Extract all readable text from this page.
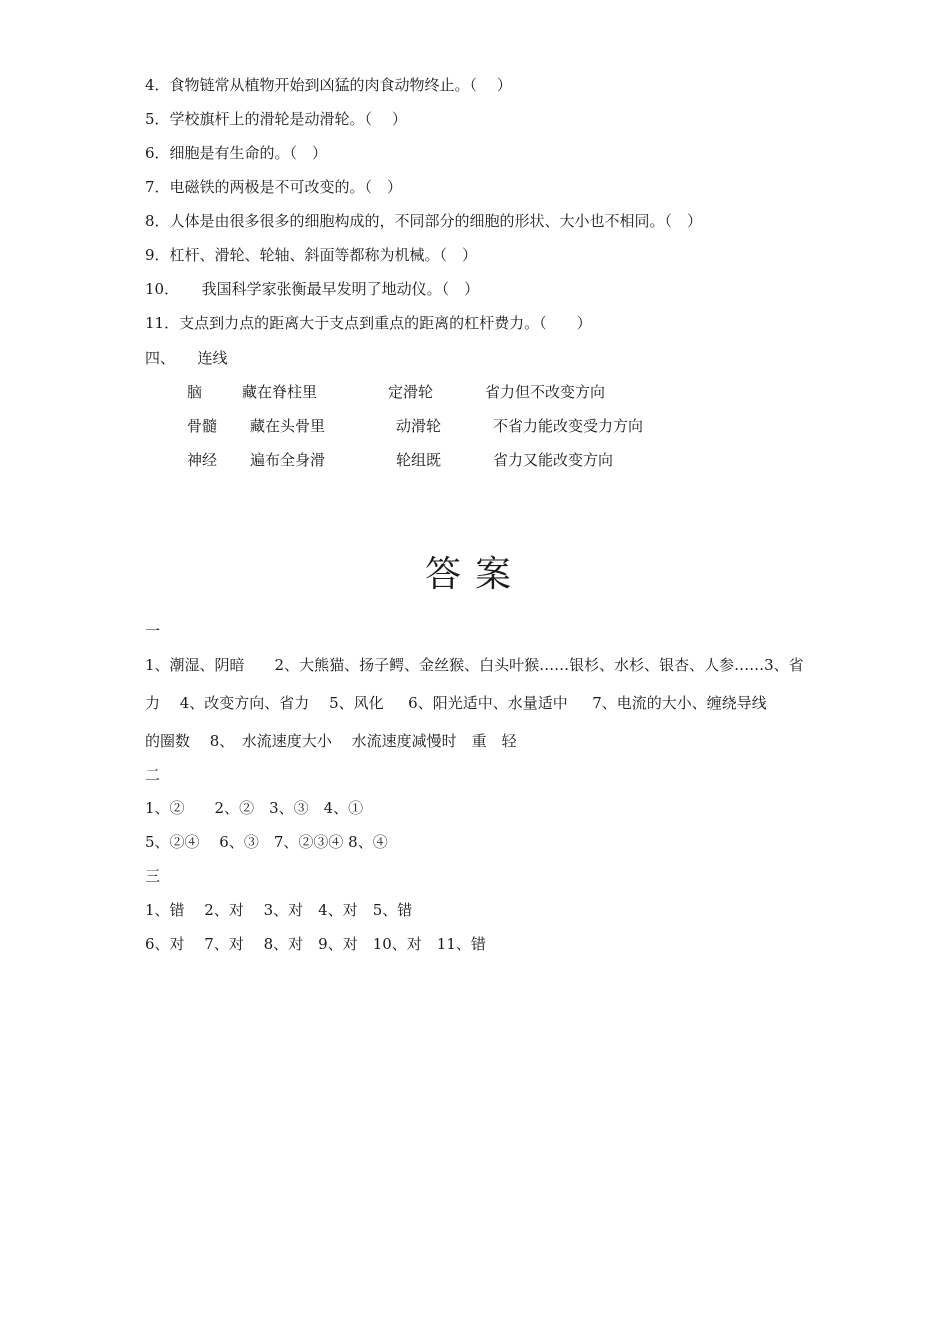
4．食物链常从植物开始到凶猛的肉食动物终止。（　 ）
5．学校旗杆上的滑轮是动滑轮。（　 ）
6．细胞是有生命的。（　）
7．电磁铁的两极是不可改变的。（　）
8．人体是由很多很多的细胞构成的，不同部分的细胞的形状、大小也不相同。（　）
9．杠杆、滑轮、轮轴、斜面等都称为机械。（　）
10．　　我国科学家张衡最早发明了地动仪。（　）
11．支点到力点的距离大于支点到重点的距离的杠杆费力。（　　）
四、　　连线
脑	藏在脊柱里	定滑轮	省力但不改变方向
骨髓 藏在头骨里	动滑轮	不省力能改变受力方向
神经 遍布全身滑	轮组既	省力又能改变方向
答案
一
1、潮湿、阴暗　　2、大熊猫、扬子鳄、金丝猴、白头叶猴……银杉、水杉、银杏、人参……3、省
力　 4、改变方向、省力　 5、风化　  6、阳光适中、水量适中　  7、电流的大小、缠绕导线
的圈数　 8、　水流速度大小　 水流速度减慢时　重　轻
二
1、②　　2、②　3、③　4、①
5、②④　 6、③　7、②③④ 8、④
三
1、错　 2、对　 3、对　4、对　5、错
6、对　 7、对　 8、对　9、对　10、对　11、错
